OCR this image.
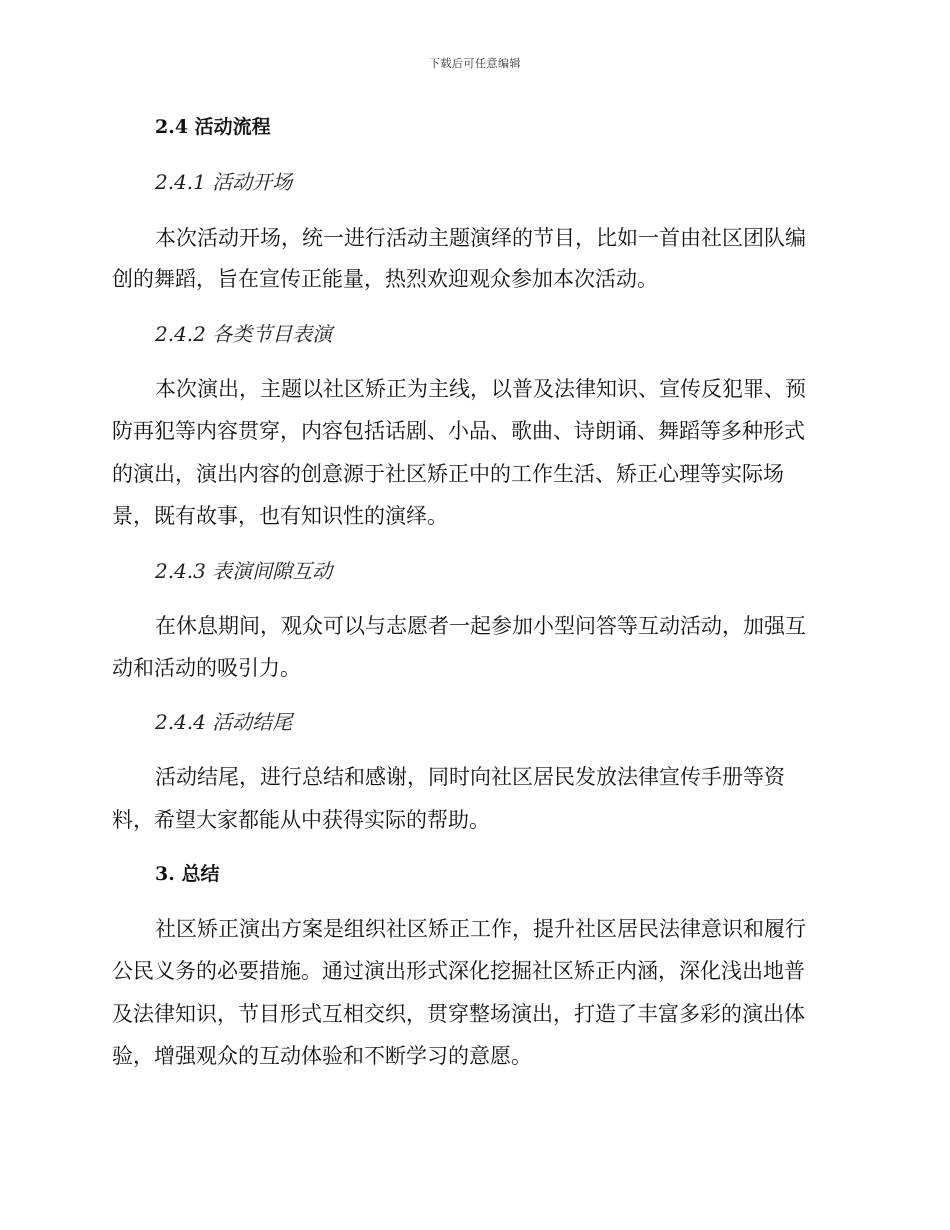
下载后可任意编辑
2.4 活动流程
2.4.1 活动开场
本次活动开场，统一进行活动主题演绎的节目，比如一首由社区团队编
创的舞蹈，旨在宣传正能量，热烈欢迎观众参加本次活动。
2.4.2 各类节目表演
本次演出，主题以社区矫正为主线，以普及法律知识、宣传反犯罪、预
防再犯等内容贯穿，内容包括话剧、小品、歌曲、诗朗诵、舞蹈等多种形式
的演出，演出内容的创意源于社区矫正中的工作生活、矫正心理等实际场
景，既有故事，也有知识性的演绎。
2.4.3 表演间隙互动
在休息期间，观众可以与志愿者一起参加小型问答等互动活动，加强互
动和活动的吸引力。
2.4.4 活动结尾
活动结尾，进行总结和感谢，同时向社区居民发放法律宣传手册等资
料，希望大家都能从中获得实际的帮助。
3. 总结
社区矫正演出方案是组织社区矫正工作，提升社区居民法律意识和履行
公民义务的必要措施。通过演出形式深化挖掘社区矫正内涵，深化浅出地普
及法律知识，节目形式互相交织，贯穿整场演出，打造了丰富多彩的演出体
验，增强观众的互动体验和不断学习的意愿。
